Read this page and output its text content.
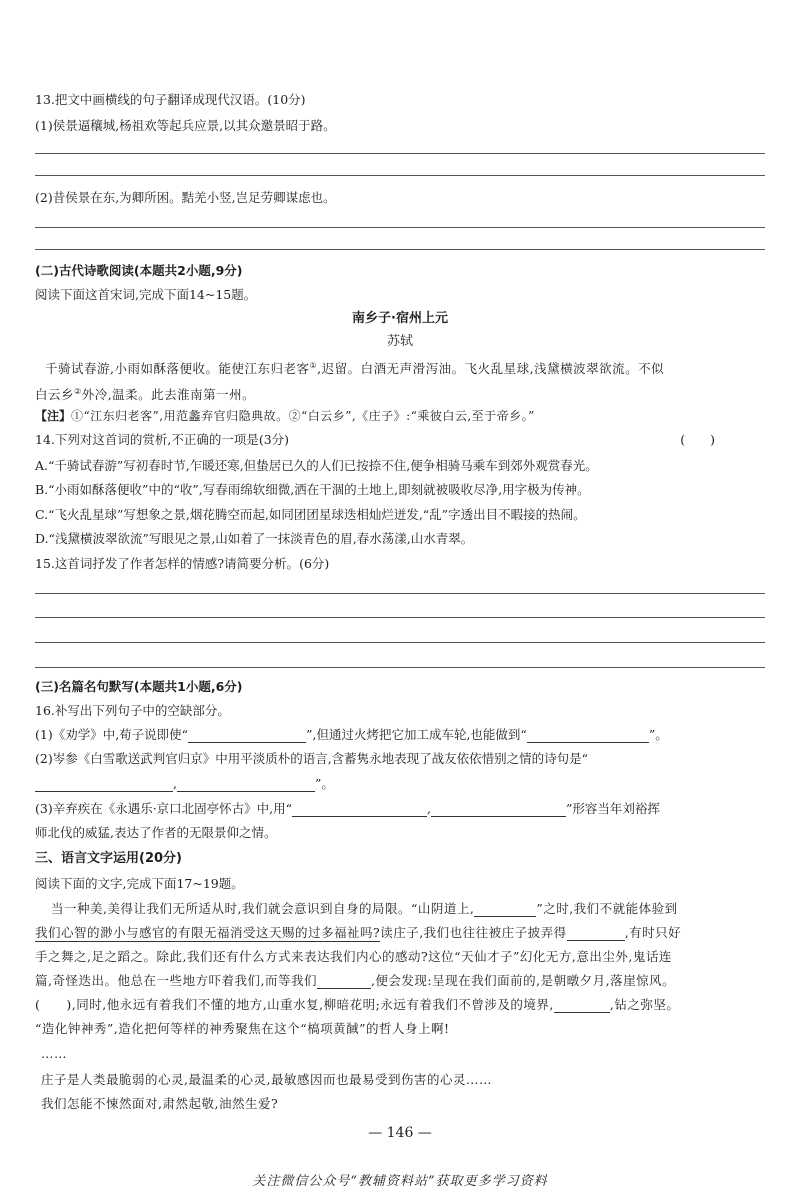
13.把文中画横线的句子翻译成现代汉语。(10分)
(1)侯景逼穰城,杨祖欢等起兵应景,以其众邀景昭于路。
(2)昔侯景在东,为卿所困。黠羌小竖,岂足劳卿谋虑也。
(二)古代诗歌阅读(本题共2小题,9分)
阅读下面这首宋词,完成下面14~15题。
南乡子·宿州上元
苏轼
千骑试春游,小雨如酥落便收。能使江东归老客①,迟留。白酒无声滑泻油。飞火乱星球,浅黛横波翠欲流。不似
白云乡②外冷,温柔。此去淮南第一州。
【注】①“江东归老客”,用范蠡弃官归隐典故。②“白云乡”,《庄子》:“乘彼白云,至于帝乡。”
14.下列对这首词的赏析,不正确的一项是(3分)	(　　)
A.“千骑试春游”写初春时节,乍暖还寒,但蛰居已久的人们已按捺不住,便争相骑马乘车到郊外观赏春光。
B.“小雨如酥落便收”中的“收”,写春雨绵软细微,洒在干涸的土地上,即刻就被吸收尽净,用字极为传神。
C.“飞火乱星球”写想象之景,烟花腾空而起,如同团团星球迭相灿烂迸发,“乱”字透出目不暇接的热闹。
D.“浅黛横波翠欲流”写眼见之景,山如着了一抹淡青色的眉,春水荡漾,山水青翠。
15.这首词抒发了作者怎样的情感?请简要分析。(6分)
(三)名篇名句默写(本题共1小题,6分)
16.补写出下列句子中的空缺部分。
(1)《劝学》中,荀子说即使“	”,但通过火烤把它加工成车轮,也能做到“	”。
(2)岑参《白雪歌送武判官归京》中用平淡质朴的语言,含蓄隽永地表现了战友依依惜别之情的诗句是“
,	”。
(3)辛弃疾在《永遇乐·京口北固亭怀古》中,用“	,	”形容当年刘裕挥
师北伐的威猛,表达了作者的无限景仰之情。
三、语言文字运用(20分)
阅读下面的文字,完成下面17~19题。
当一种美,美得让我们无所适从时,我们就会意识到自身的局限。“山阴道上,	”之时,我们不就能体验到
我们心智的渺小与感官的有限无福消受这天赐的过多福祉吗?读庄子,我们也往往被庄子披弄得	,有时只好
手之舞之,足之蹈之。除此,我们还有什么方式来表达我们内心的感动?这位“天仙才子”幻化无方,意出尘外,鬼话连
篇,奇怪迭出。他总在一些地方吓着我们,而等我们	,便会发现:呈现在我们面前的,是朝暾夕月,落崖惊风。
(　　),同时,他永远有着我们不懂的地方,山重水复,柳暗花明;永远有着我们不曾涉及的境界,	,钻之弥坚。
“造化钟神秀”,造化把何等样的神秀聚焦在这个“槁项黄馘”的哲人身上啊!
……
庄子是人类最脆弱的心灵,最温柔的心灵,最敏感因而也最易受到伤害的心灵……
我们怎能不悚然面对,肃然起敬,油然生爱?
— 146 —
关注微信公众号“教辅资料站”获取更多学习资料
